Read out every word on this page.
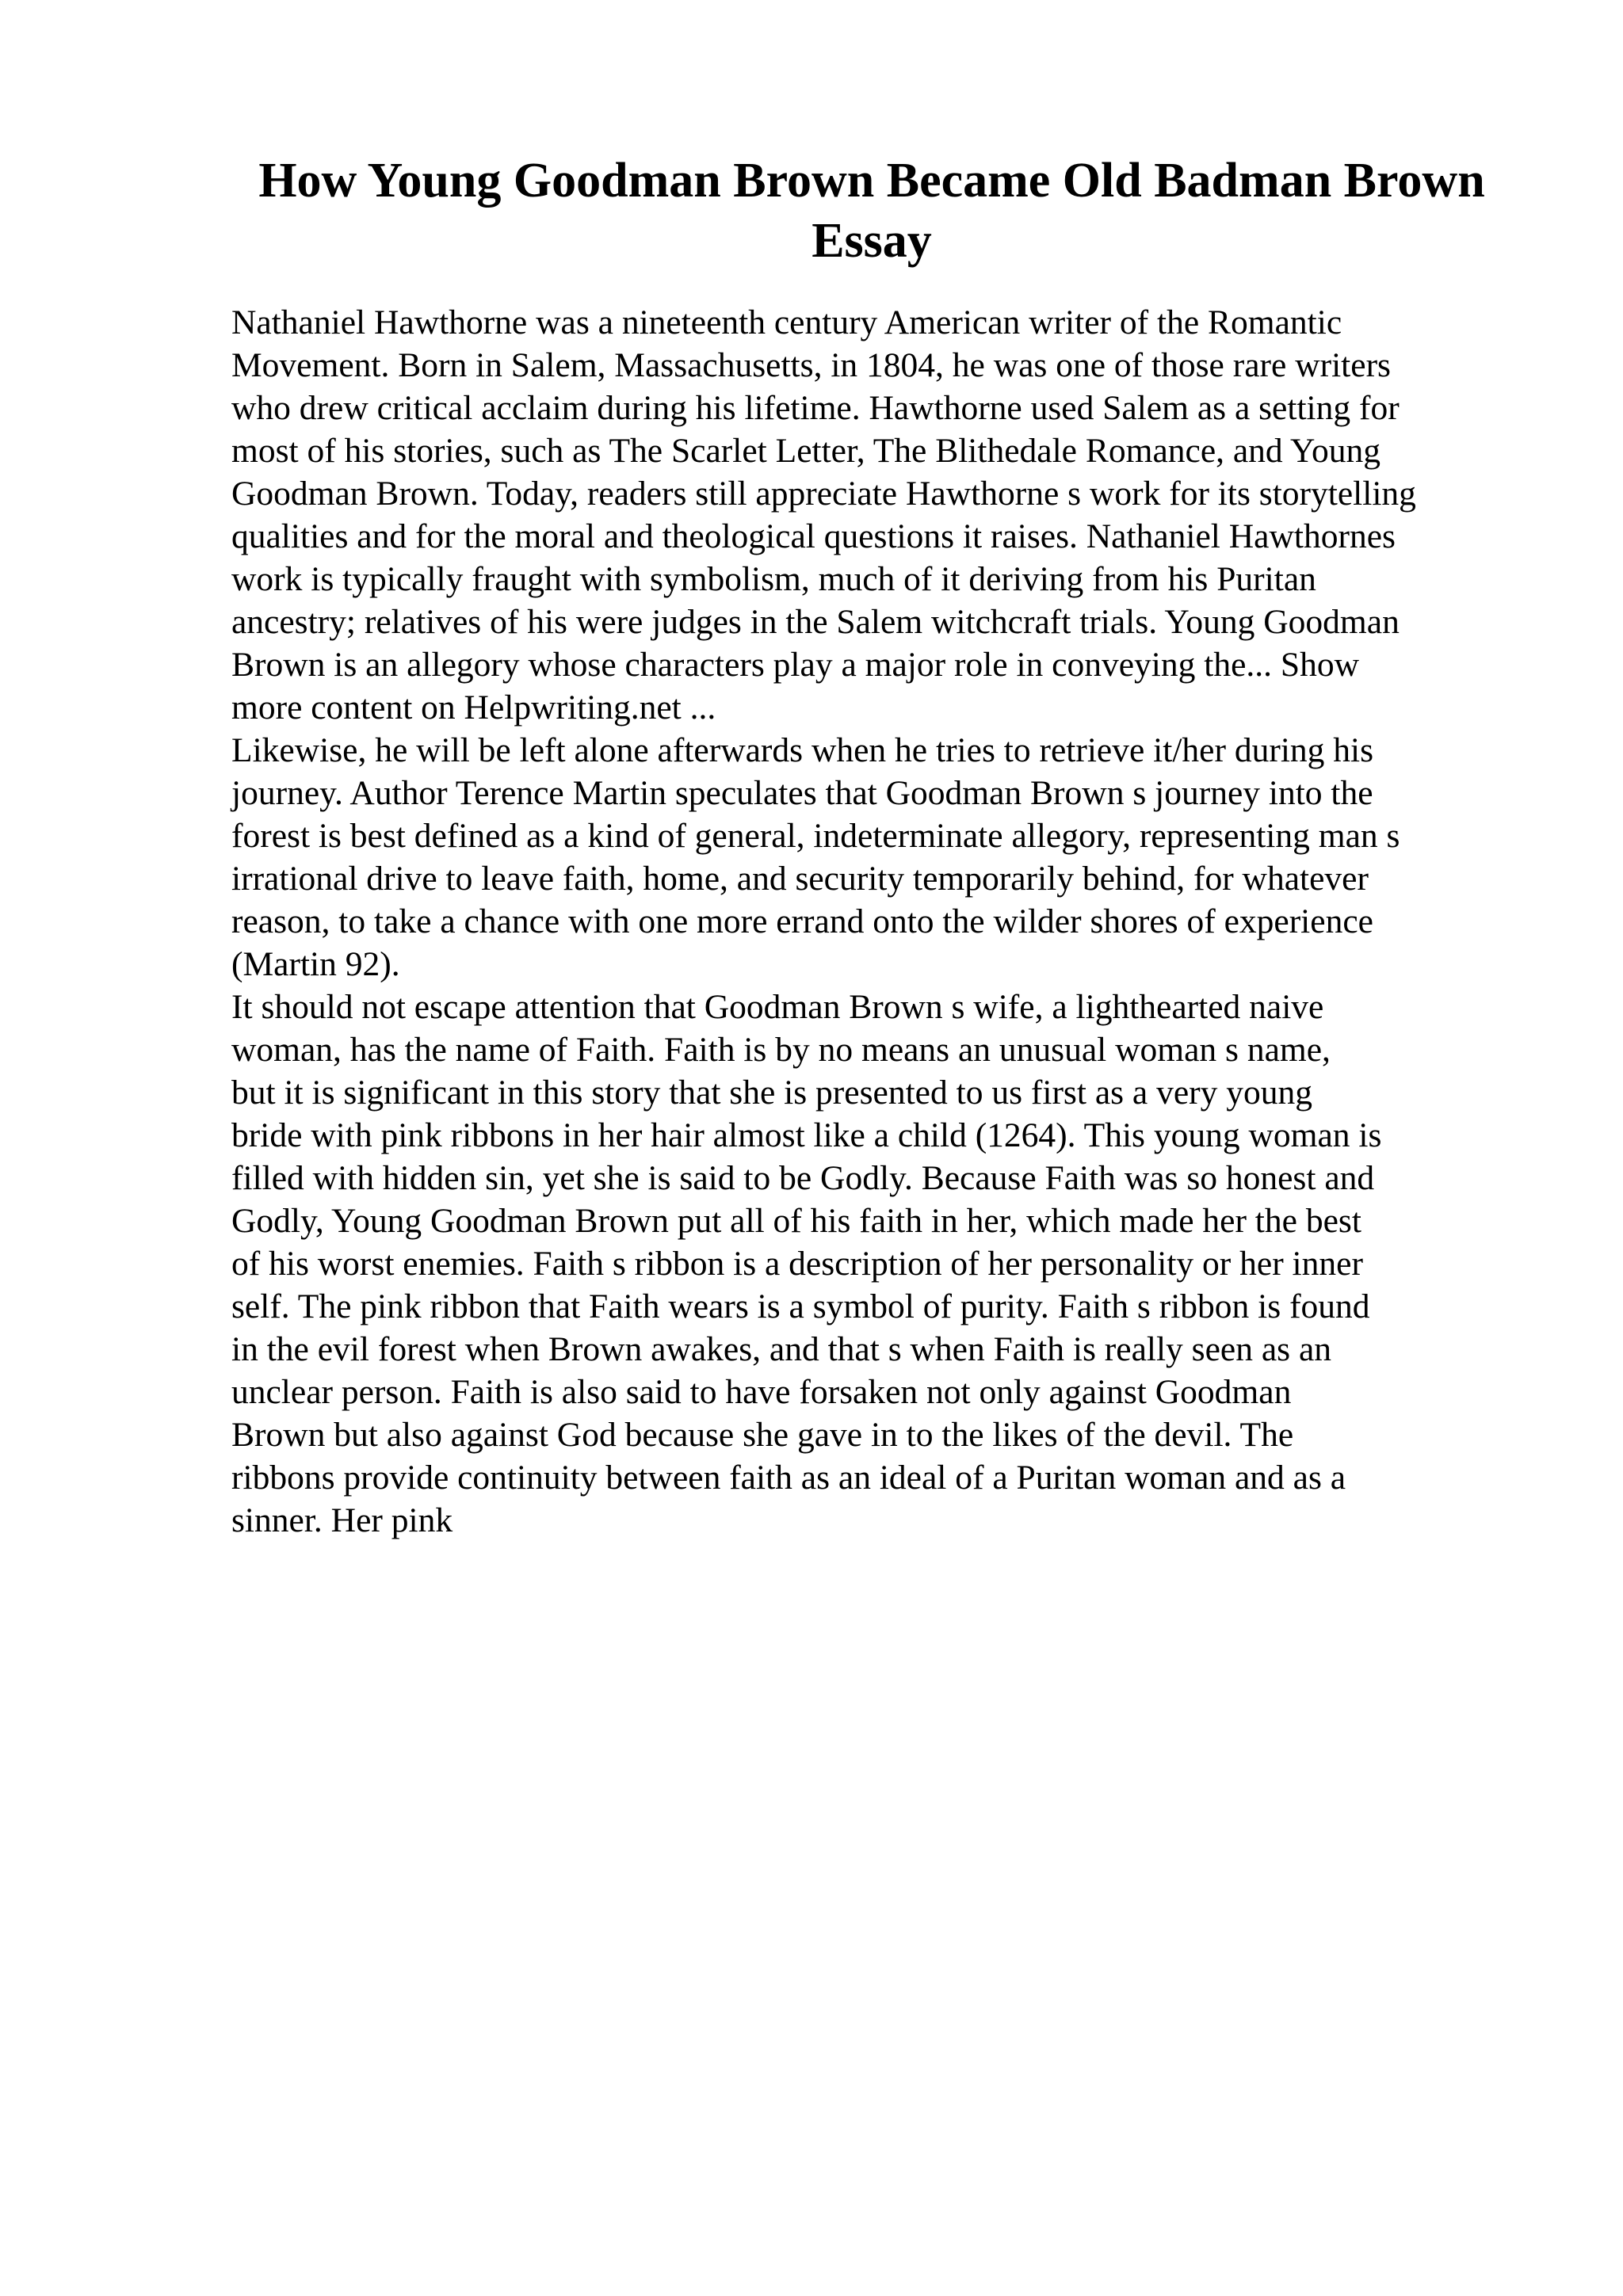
How Young Goodman Brown Became Old Badman Brown
Essay
Nathaniel Hawthorne was a nineteenth century American writer of the Romantic
Movement. Born in Salem, Massachusetts, in 1804, he was one of those rare writers
who drew critical acclaim during his lifetime. Hawthorne used Salem as a setting for
most of his stories, such as The Scarlet Letter, The Blithedale Romance, and Young
Goodman Brown. Today, readers still appreciate Hawthorne s work for its storytelling
qualities and for the moral and theological questions it raises. Nathaniel Hawthornes
work is typically fraught with symbolism, much of it deriving from his Puritan
ancestry; relatives of his were judges in the Salem witchcraft trials. Young Goodman
Brown is an allegory whose characters play a major role in conveying the... Show
more content on Helpwriting.net ...
Likewise, he will be left alone afterwards when he tries to retrieve it/her during his
journey. Author Terence Martin speculates that Goodman Brown s journey into the
forest is best defined as a kind of general, indeterminate allegory, representing man s
irrational drive to leave faith, home, and security temporarily behind, for whatever
reason, to take a chance with one more errand onto the wilder shores of experience
(Martin 92).
It should not escape attention that Goodman Brown s wife, a lighthearted naive
woman, has the name of Faith. Faith is by no means an unusual woman s name,
but it is significant in this story that she is presented to us first as a very young
bride with pink ribbons in her hair almost like a child (1264). This young woman is
filled with hidden sin, yet she is said to be Godly. Because Faith was so honest and
Godly, Young Goodman Brown put all of his faith in her, which made her the best
of his worst enemies. Faith s ribbon is a description of her personality or her inner
self. The pink ribbon that Faith wears is a symbol of purity. Faith s ribbon is found
in the evil forest when Brown awakes, and that s when Faith is really seen as an
unclear person. Faith is also said to have forsaken not only against Goodman
Brown but also against God because she gave in to the likes of the devil. The
ribbons provide continuity between faith as an ideal of a Puritan woman and as a
sinner. Her pink
